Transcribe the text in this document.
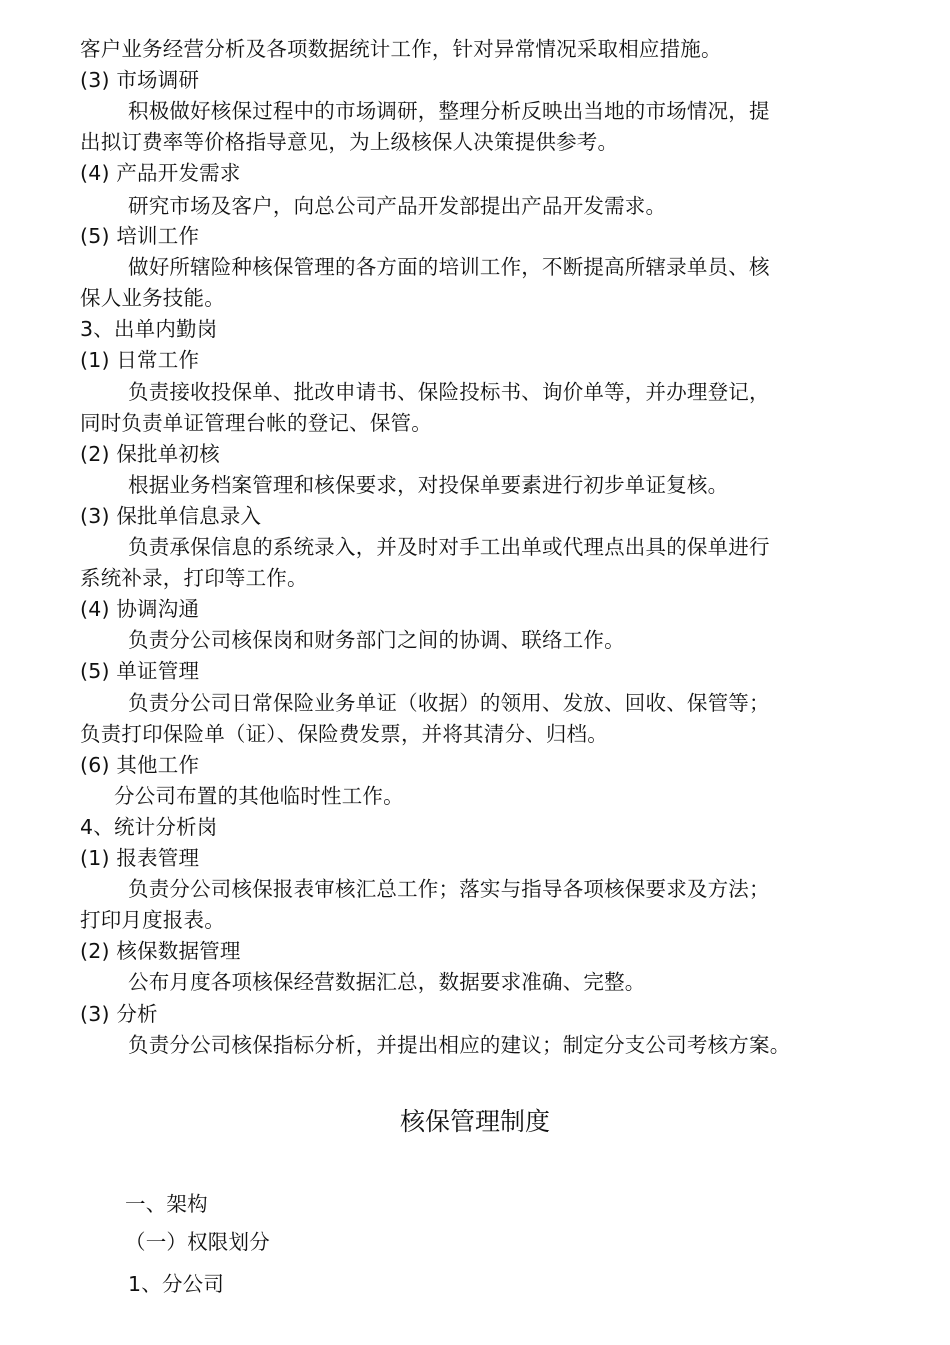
客户业务经营分析及各项数据统计工作，针对异常情况采取相应措施。
(3) 市场调研
积极做好核保过程中的市场调研，整理分析反映出当地的市场情况，提
出拟订费率等价格指导意见，为上级核保人决策提供参考。
(4) 产品开发需求
研究市场及客户，向总公司产品开发部提出产品开发需求。
(5) 培训工作
做好所辖险种核保管理的各方面的培训工作，不断提高所辖录单员、核
保人业务技能。
3、出单内勤岗
(1) 日常工作
负责接收投保单、批改申请书、保险投标书、询价单等，并办理登记，
同时负责单证管理台帐的登记、保管。
(2) 保批单初核
根据业务档案管理和核保要求，对投保单要素进行初步单证复核。
(3) 保批单信息录入
负责承保信息的系统录入，并及时对手工出单或代理点出具的保单进行
系统补录，打印等工作。
(4) 协调沟通
负责分公司核保岗和财务部门之间的协调、联络工作。
(5) 单证管理
负责分公司日常保险业务单证（收据）的领用、发放、回收、保管等；
负责打印保险单（证）、保险费发票，并将其清分、归档。
(6) 其他工作
分公司布置的其他临时性工作。
4、统计分析岗
(1) 报表管理
负责分公司核保报表审核汇总工作；落实与指导各项核保要求及方法；
打印月度报表。
(2) 核保数据管理
公布月度各项核保经营数据汇总，数据要求准确、完整。
(3) 分析
负责分公司核保指标分析，并提出相应的建议；制定分支公司考核方案。
核保管理制度
一、架构
（一）权限划分
1、分公司
